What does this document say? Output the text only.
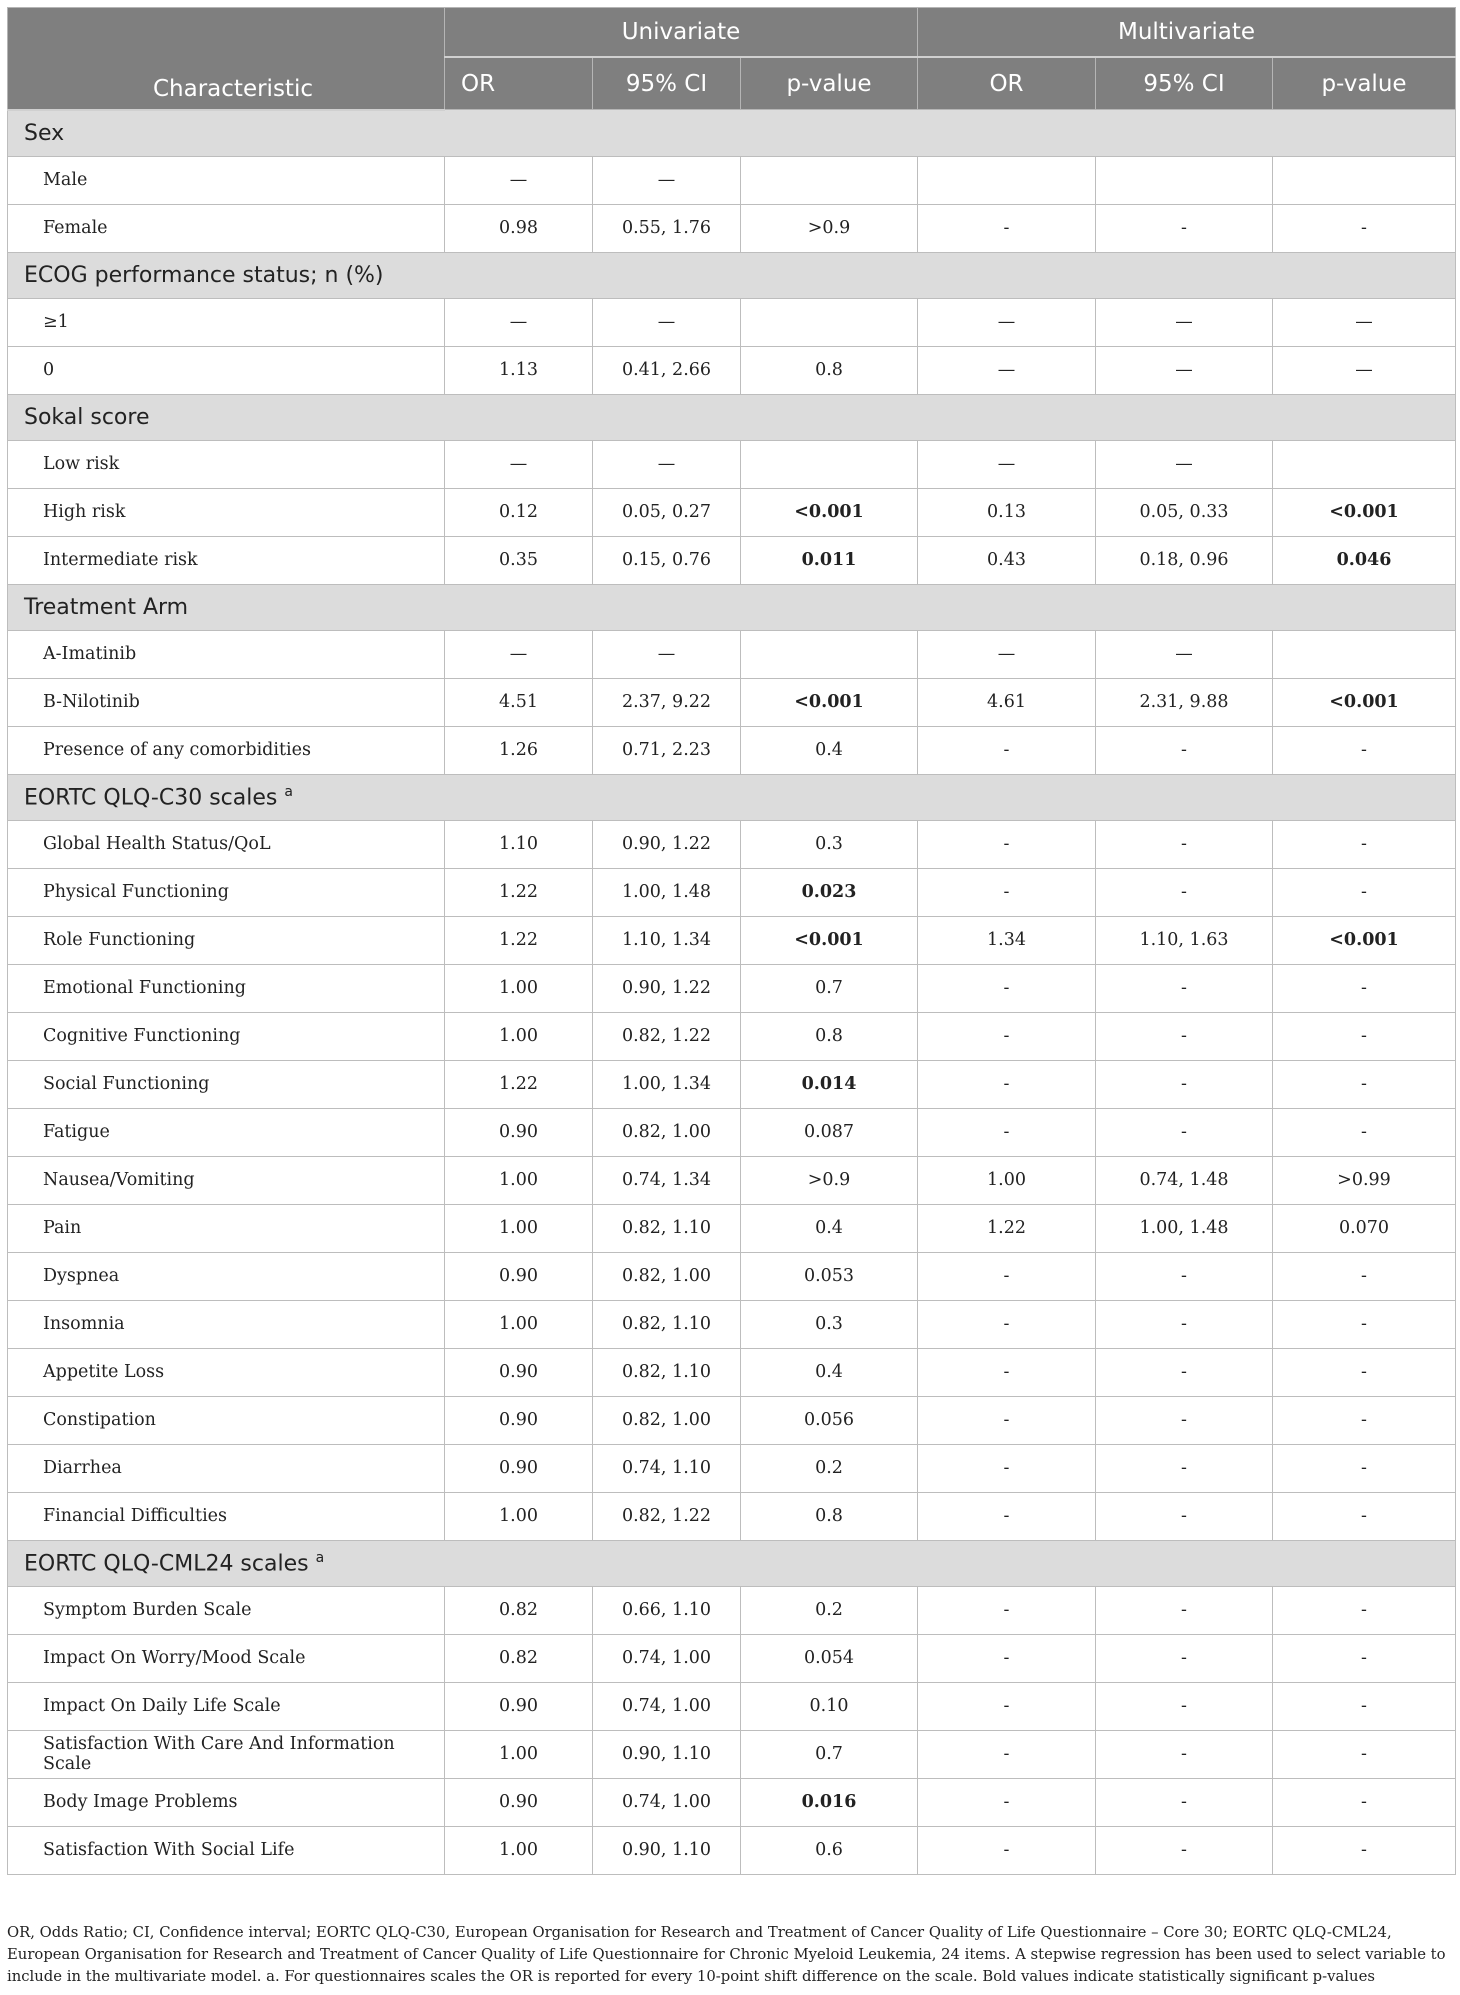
Characteristic	Univariate			Multivariate		
	OR	95% CI	p-value	OR	95% CI	p-value
Sex						
Male	—	—				
Female	0.98	0.55, 1.76	>0.9	-	-	-
ECOG performance status; n (%)						
≥1	—	—		—	—	—
0	1.13	0.41, 2.66	0.8	—	—	—
Sokal score						
Low risk	—	—		—	—	
High risk	0.12	0.05, 0.27	<0.001	0.13	0.05, 0.33	<0.001
Intermediate risk	0.35	0.15, 0.76	0.011	0.43	0.18, 0.96	0.046
Treatment Arm						
A-Imatinib	—	—		—	—	
B-Nilotinib	4.51	2.37, 9.22	<0.001	4.61	2.31, 9.88	<0.001
Presence of any comorbidities	1.26	0.71, 2.23	0.4	-	-	-
EORTC QLQ-C30 scales $^a$
Global Health Status/QoL	1.10	0.90, 1.22	0.3	-	-	-
Physical Functioning	1.22	1.00, 1.48	0.023	-	-	-
Role Functioning	1.22	1.10, 1.34	<0.001	1.34	1.10, 1.63	<0.001
Emotional Functioning	1.00	0.90, 1.22	0.7	-	-	-
Cognitive Functioning	1.00	0.82, 1.22	0.8	-	-	-
Social Functioning	1.22	1.00, 1.34	0.014	-	-	-
Fatigue	0.90	0.82, 1.00	0.087	-	-	-
Nausea/Vomiting	1.00	0.74, 1.34	>0.9	1.00	0.74, 1.48	>0.99
Pain	1.00	0.82, 1.10	0.4	1.22	1.00, 1.48	0.070
Dyspnea	0.90	0.82, 1.00	0.053	-	-	-
Insomnia	1.00	0.82, 1.10	0.3	-	-	-
Appetite Loss	0.90	0.82, 1.10	0.4	-	-	-
Constipation	0.90	0.82, 1.00	0.056	-	-	-
Diarrhea	0.90	0.74, 1.10	0.2	-	-	-
Financial Difficulties	1.00	0.82, 1.22	0.8	-	-	-
EORTC QLQ-CML24 scales $^a$
Symptom Burden Scale	0.82	0.66, 1.10	0.2	-	-	-
Impact On Worry/Mood Scale	0.82	0.74, 1.00	0.054	-	-	-
Impact On Daily Life Scale	0.90	0.74, 1.00	0.10	-	-	-
Satisfaction With Care And Information Scale	1.00	0.90, 1.10	0.7	-	-	-
Body Image Problems	0.90	0.74, 1.00	0.016	-	-	-
Satisfaction With Social Life	1.00	0.90, 1.10	0.6	-	-	-
OR, Odds Ratio; CI, Confidence interval; EORTC QLQ-C30, European Organisation for Research and Treatment of Cancer Quality of Life Questionnaire – Core 30; EORTC QLQ-CML24, European Organisation for Research and Treatment of Cancer Quality of Life Questionnaire for Chronic Myeloid Leukemia, 24 items. A stepwise regression has been used to select variable to include in the multivariate model. a. For questionnaires scales the OR is reported for every 10-point shift difference on the scale. Bold values indicate statistically significant p-values
